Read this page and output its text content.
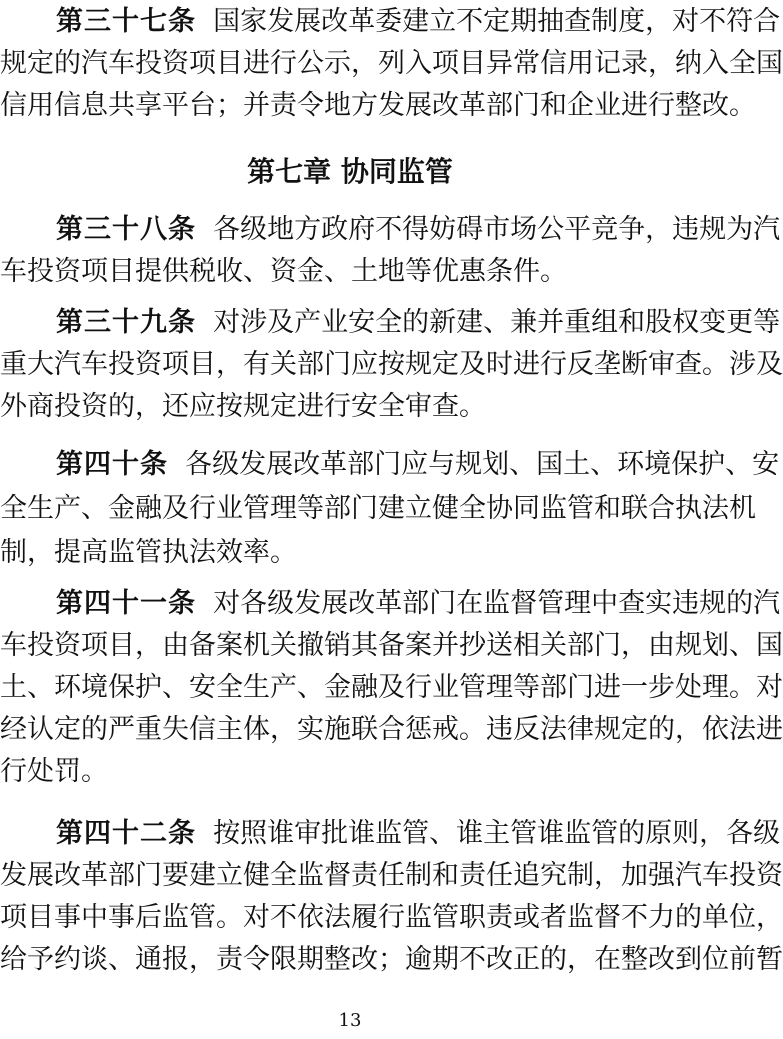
第三十七条 国家发展改革委建立不定期抽查制度，对不符合
规定的汽车投资项目进行公示，列入项目异常信用记录，纳入全国
信用信息共享平台；并责令地方发展改革部门和企业进行整改。
第七章 协同监管
第三十八条 各级地方政府不得妨碍市场公平竞争，违规为汽
车投资项目提供税收、资金、土地等优惠条件。
第三十九条 对涉及产业安全的新建、兼并重组和股权变更等
重大汽车投资项目，有关部门应按规定及时进行反垄断审查。涉及
外商投资的，还应按规定进行安全审查。
第四十条 各级发展改革部门应与规划、国土、环境保护、安
全生产、金融及行业管理等部门建立健全协同监管和联合执法机
制，提高监管执法效率。
第四十一条 对各级发展改革部门在监督管理中查实违规的汽
车投资项目，由备案机关撤销其备案并抄送相关部门，由规划、国
土、环境保护、安全生产、金融及行业管理等部门进一步处理。对
经认定的严重失信主体，实施联合惩戒。违反法律规定的，依法进
行处罚。
第四十二条 按照谁审批谁监管、谁主管谁监管的原则，各级
发展改革部门要建立健全监督责任制和责任追究制，加强汽车投资
项目事中事后监管。对不依法履行监管职责或者监督不力的单位，
给予约谈、通报，责令限期整改；逾期不改正的，在整改到位前暂
13
